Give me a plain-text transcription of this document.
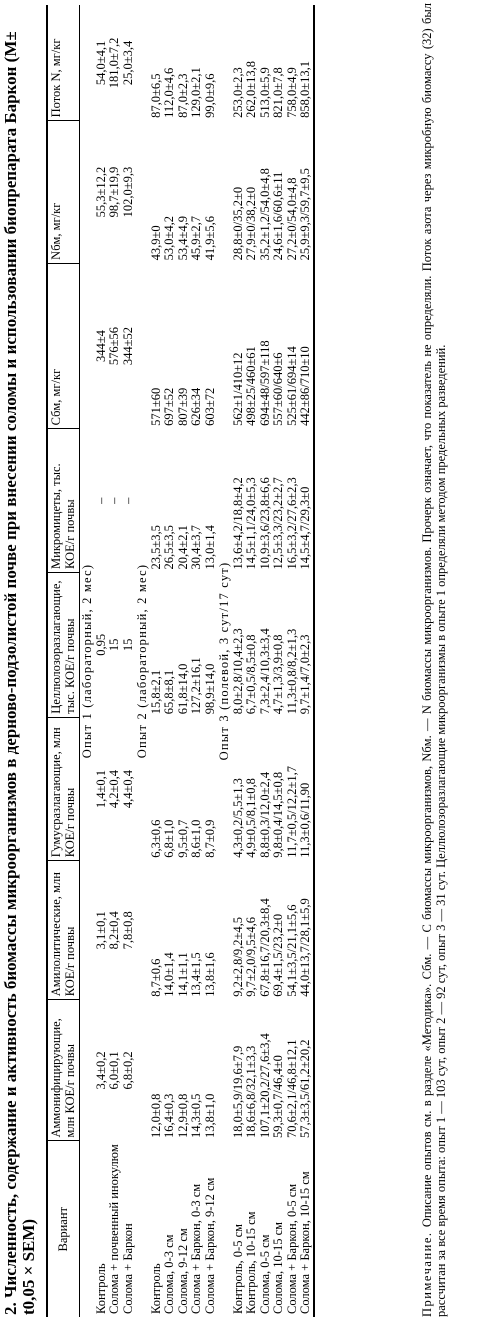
2. Численность, содержание и активность биомассы микроорганизмов в дерново-подзолистой почве при внесении соломы и использовании биопрепарата Баркон (M± t0,05 × SEM) Вариант	Аммонифицирующие, млн КОЕ/г почвы	Амилолитические, млн КОЕ/г почвы	Гумусразлагающие, млн КОЕ/г почвы	Целлюлозоразлагающие, тыс. КОЕ/г почвы	Микромицеты, тыс. КОЕ/г почвы	Сбм, мг/кг	Nбм, мг/кг	Поток N, мг/кг
Опыт 1 (лабораторный, 2 мес)								
Контроль	3,4±0,2	3,1±0,1	1,4±0,1	0,95	–	344±4	55,3±12,2	54,0±4,1
Солома + почвенный инокулюм	6,0±0,1	8,2±0,4	4,2±0,4	15	–	576±56	98,7±19,9	181,0±7,2
Солома + Баркон	6,8±0,2	7,8±0,8	4,4±0,4	15	–	344±52	102,0±9,3	25,0±3,4
Опыт 2 (лабораторный, 2 мес)								
Контроль	12,0±0,8	8,7±0,6	6,3±0,6	15,8±2,1	23,5±3,5	571±60	43,9±0	87,0±6,5
Солома, 0-3 см	16,4±0,3	14,0±1,4	6,8±1,0	65,8±8,1	26,5±3,5	697±52	53,0±4,2	112,0±4,6
Солома, 9-12 см	12,9±0,8	14,1±1,1	9,5±0,7	61,8±14,0	20,4±2,1	807±39	53,4±4,9	87,0±2,3
Солома + Баркон, 0-3 см	14,3±0,5	13,4±1,5	8,6±1,0	127,2±16,1	30,4±3,7	626±34	45,9±2,7	129,0±2,1
Солома + Баркон, 9-12 см	13,8±1,0	13,8±1,6	8,7±0,9	98,9±14,0	13,0±1,4	603±72	41,9±5,6	99,0±9,6
Опыт 3 (полевой, 3 сут/17 сут)								
Контроль, 0-5 см	18,0±5,9/19,6±7,9	9,2±2,8/9,2±4,5	4,3±0,2/5,5±1,3	8,0±2,8/10,4±2,3	13,6±4,2/18,8±4,2	562±1/410±12	28,8±0/35,2±0	253,0±2,3
Контроль, 10-15 см	18,6±6,8/32,1±3,3	9,7±2,0/9,5±4,6	4,9±0,5/8,1±0,8	6,7±0,5/8,5±0,8	14,5±1,1/24,0±5,3	498±25/460±61	27,9±0/38,2±0	262,0±13,8
Солома, 0-5 см	107,1±20,2/27,6±3,4	67,8±16,7/20,3±8,4	8,8±0,3/12,0±2,4	7,3±2,4/10,3±3,4	10,9±3,6/23,8±6,6	694±48/597±118	35,2±1,2/54,0±4,8	513,0±5,9
Солома, 10-15 см	59,3±0,7/46,4±0	69,4±1,5/23,2±0	9,8±0,4/14,5±0,8	4,7±1,3/3,9±0,8	12,5±3,3/23,2±2,7	557±60/640±6	24,6±1,6/60,6±11	821,0±7,8
Солома + Баркон, 0-5 см	70,6±2,1/46,8±12,1	54,1±3,5/21,1±5,6	11,7±0,5/12,2±1,7	11,3±0,8/8,2±1,3	16,5±3,2/27,6±2,3	525±61/694±14	27,2±0/54,0±4,8	758,0±4,9
Солома + Баркон, 10-15 см	57,3±3,5/61,2±20,2	44,0±13,7/28,1±5,9	11,3±0,6/11,90	9,7±1,4/7,0±2,3	14,5±4,7/29,3±0	442±86/710±10	25,9±9,3/59,7±9,5	858,0±13,1
Примечание. Описание опытов см. в разделе «Методика». Сбм. — С биомассы микроорганизмов, Nбм. — N биомассы микроорганизмов. Прочерк означает, что показатель не определяли. Поток азота через микробную биомассу (32) был рассчитан за все время опыта: опыт 1 — 103 сут, опыт 2 — 92 сут, опыт 3 — 31 сут. Целлюлозоразлагающие микроорганизмы в опыте 1 определяли методом предельных разведений.
